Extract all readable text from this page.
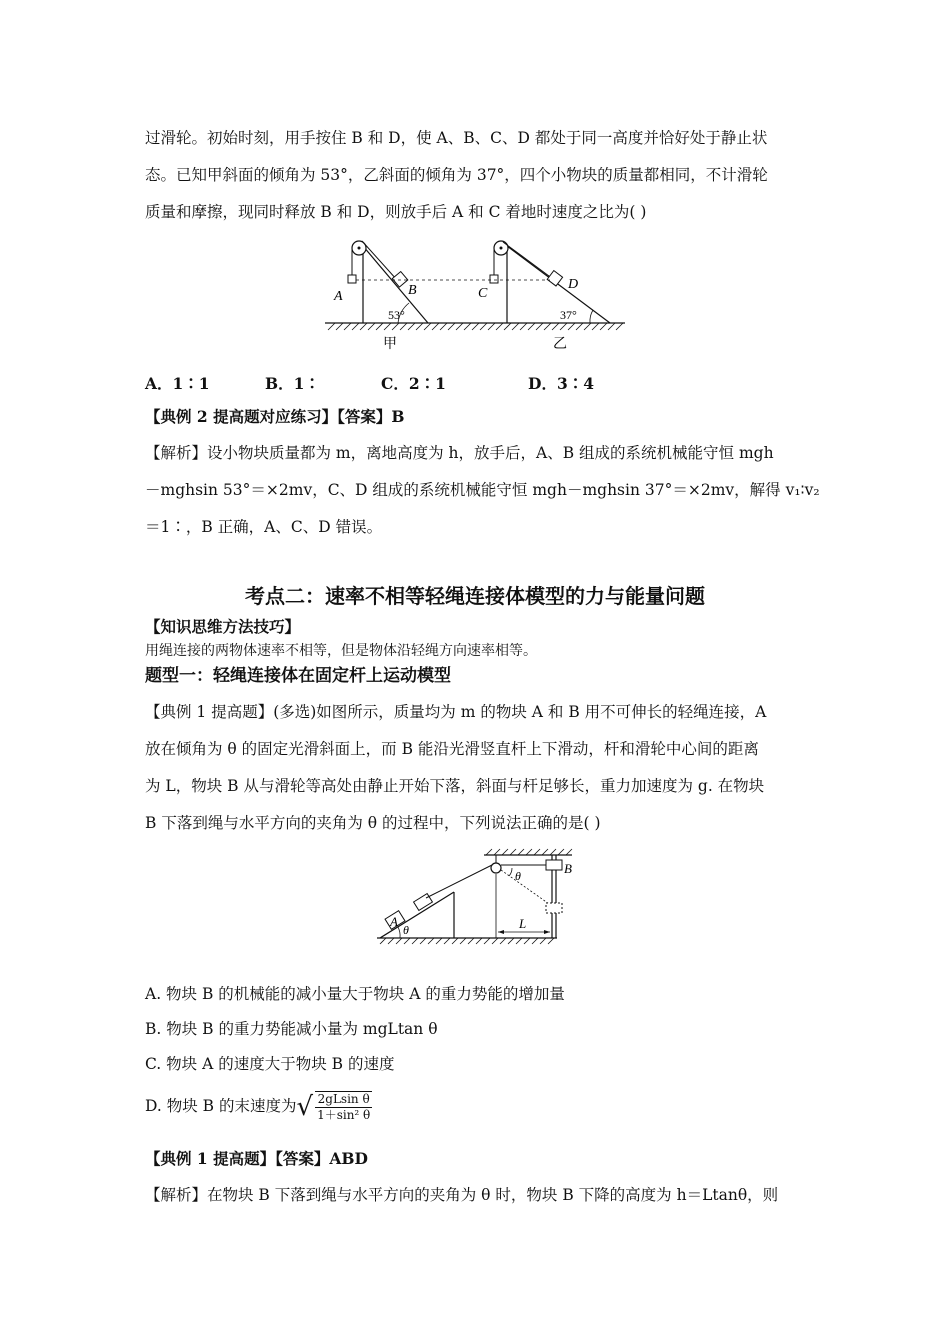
过滑轮。初始时刻，用手按住 B 和 D，使 A、B、C、D 都处于同一高度并恰好处于静止状
态。已知甲斜面的倾角为 53°，乙斜面的倾角为 37°，四个小物块的质量都相同，不计滑轮
质量和摩擦，现同时释放 B 和 D，则放手后 A 和 C 着地时速度之比为( )
A	B
53°
C
D
37°
甲	乙
A．1∶1	B．1∶	C．2∶1	D．3∶4
【典例 2 提高题对应练习】【答案】B
【解析】设小物块质量都为 m，离地高度为 h，放手后，A、B 组成的系统机械能守恒 mgh
－mghsin 53°＝×2mv，C、D 组成的系统机械能守恒 mgh－mghsin 37°＝×2mv，解得 v₁∶v₂
＝1∶，B 正确，A、C、D 错误。
考点二：速率不相等轻绳连接体模型的力与能量问题
【知识思维方法技巧】
用绳连接的两物体速率不相等，但是物体沿轻绳方向速率相等。
题型一：轻绳连接体在固定杆上运动模型
【典例 1 提高题】(多选)如图所示，质量均为 m 的物块 A 和 B 用不可伸长的轻绳连接，A
放在倾角为 θ 的固定光滑斜面上，而 B 能沿光滑竖直杆上下滑动，杆和滑轮中心间的距离
为 L，物块 B 从与滑轮等高处由静止开始下落，斜面与杆足够长，重力加速度为 g. 在物块
B 下落到绳与水平方向的夹角为 θ 的过程中，下列说法正确的是( )
θ
A
θ	B
L
A. 物块 B 的机械能的减小量大于物块 A 的重力势能的增加量
B. 物块 B 的重力势能减小量为 mgLtan θ
C. 物块 A 的速度大于物块 B 的速度
D. 物块 B 的末速度为√ $\frac{\text{2gLsin θ}}{\text{1＋sin² θ}}$
【典例 1 提高题】【答案】ABD
【解析】在物块 B 下落到绳与水平方向的夹角为 θ 时，物块 B 下降的高度为 h＝Ltanθ，则
